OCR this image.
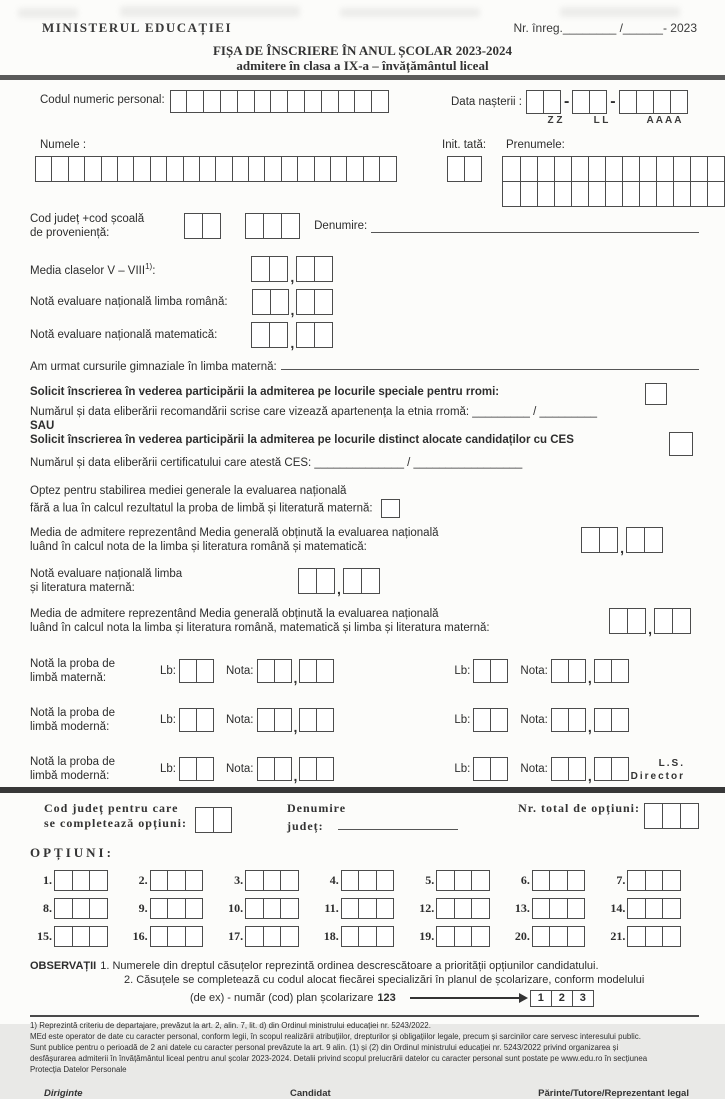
MINISTERUL EDUCAȚIEI	Nr. înreg.________ /______- 2023
FIȘA DE ÎNSCRIERE ÎN ANUL ȘCOLAR 2023-2024
admitere în clasa a IX-a – învățământul liceal
Codul numeric personal:	Data nașterii :	-	-
Z Z	L L	A A A A
Numele :	Init. tată: Prenumele:
Cod județ +cod școală
de proveniență:
Denumire:
Media claselor V – VIII$^{1)}$:	,
Notă evaluare națională limba română:	,
Notă evaluare națională matematică:	,
Am urmat cursurile gimnaziale în limba maternă:
Solicit înscrierea în vederea participării la admiterea pe locurile speciale pentru rromi:
Numărul și data eliberării recomandării scrise care vizează apartenența la etnia rromă: _________ / _________
SAU
Solicit înscrierea în vederea participării la admiterea pe locurile distinct alocate candidaților cu CES
Numărul și data eliberării certificatului care atestă CES: ______________ / _________________
Optez pentru stabilirea mediei generale la evaluarea națională
fără a lua în calcul rezultatul la proba de limbă și literatură maternă:
Media de admitere reprezentând Media generală obținută la evaluarea națională
luând în calcul nota de la limba și literatura română și matematică:	,
Notă evaluare națională limba
și literatura maternă:	,
Media de admitere reprezentând Media generală obținută la evaluarea națională
luând în calcul nota la limba și literatura română, matematică și limba și literatura maternă:	,
Notă la proba de
limbă maternă:
Lb:	Nota:	,	Lb:	Nota:	,
Notă la proba de
limbă modernă:
Lb:	Nota:	,	Lb:	Nota:	,
Notă la proba de
limbă modernă:
Lb:	Nota:	,	Lb:	Nota:	,
L.S.
Director
Cod județ pentru care
se completează opțiuni:
Denumire
județ:
Nr. total de opțiuni:
OPȚIUNI:
1.	2.	3.	4.	5.	6.	7.
8.	9.	10.	11.	12.	13.	14.
15.	16.	17.	18.	19.	20.	21.
OBSERVAȚII 1. Numerele din dreptul căsuțelor reprezintă ordinea descrescătoare a priorității opțiunilor candidatului.
2. Căsuțele se completează cu codul alocat fiecărei specializări în planul de școlarizare, conform modelului
(de ex) - număr (cod) plan școlarizare 123	1	2	3
1) Reprezintă criteriu de departajare, prevăzut la art. 2, alin. 7, lit. d) din Ordinul ministrului educației nr. 5243/2022.
MEd este operator de date cu caracter personal, conform legii, în scopul realizării atribuțiilor, drepturilor și obligațiilor legale, precum și sarcinilor care servesc interesului public.
Sunt publice pentru o perioadă de 2 ani datele cu caracter personal prevăzute la art. 9 alin. (1) și (2) din Ordinul ministrului educației nr. 5243/2022 privind organizarea și
desfășurarea admiterii în învățământul liceal pentru anul școlar 2023-2024. Detalii privind scopul prelucrării datelor cu caracter personal sunt postate pe www.edu.ro în secțiunea
Protecția Datelor Personale
Diriginte	Candidat	Părinte/Tutore/Reprezentant legal
